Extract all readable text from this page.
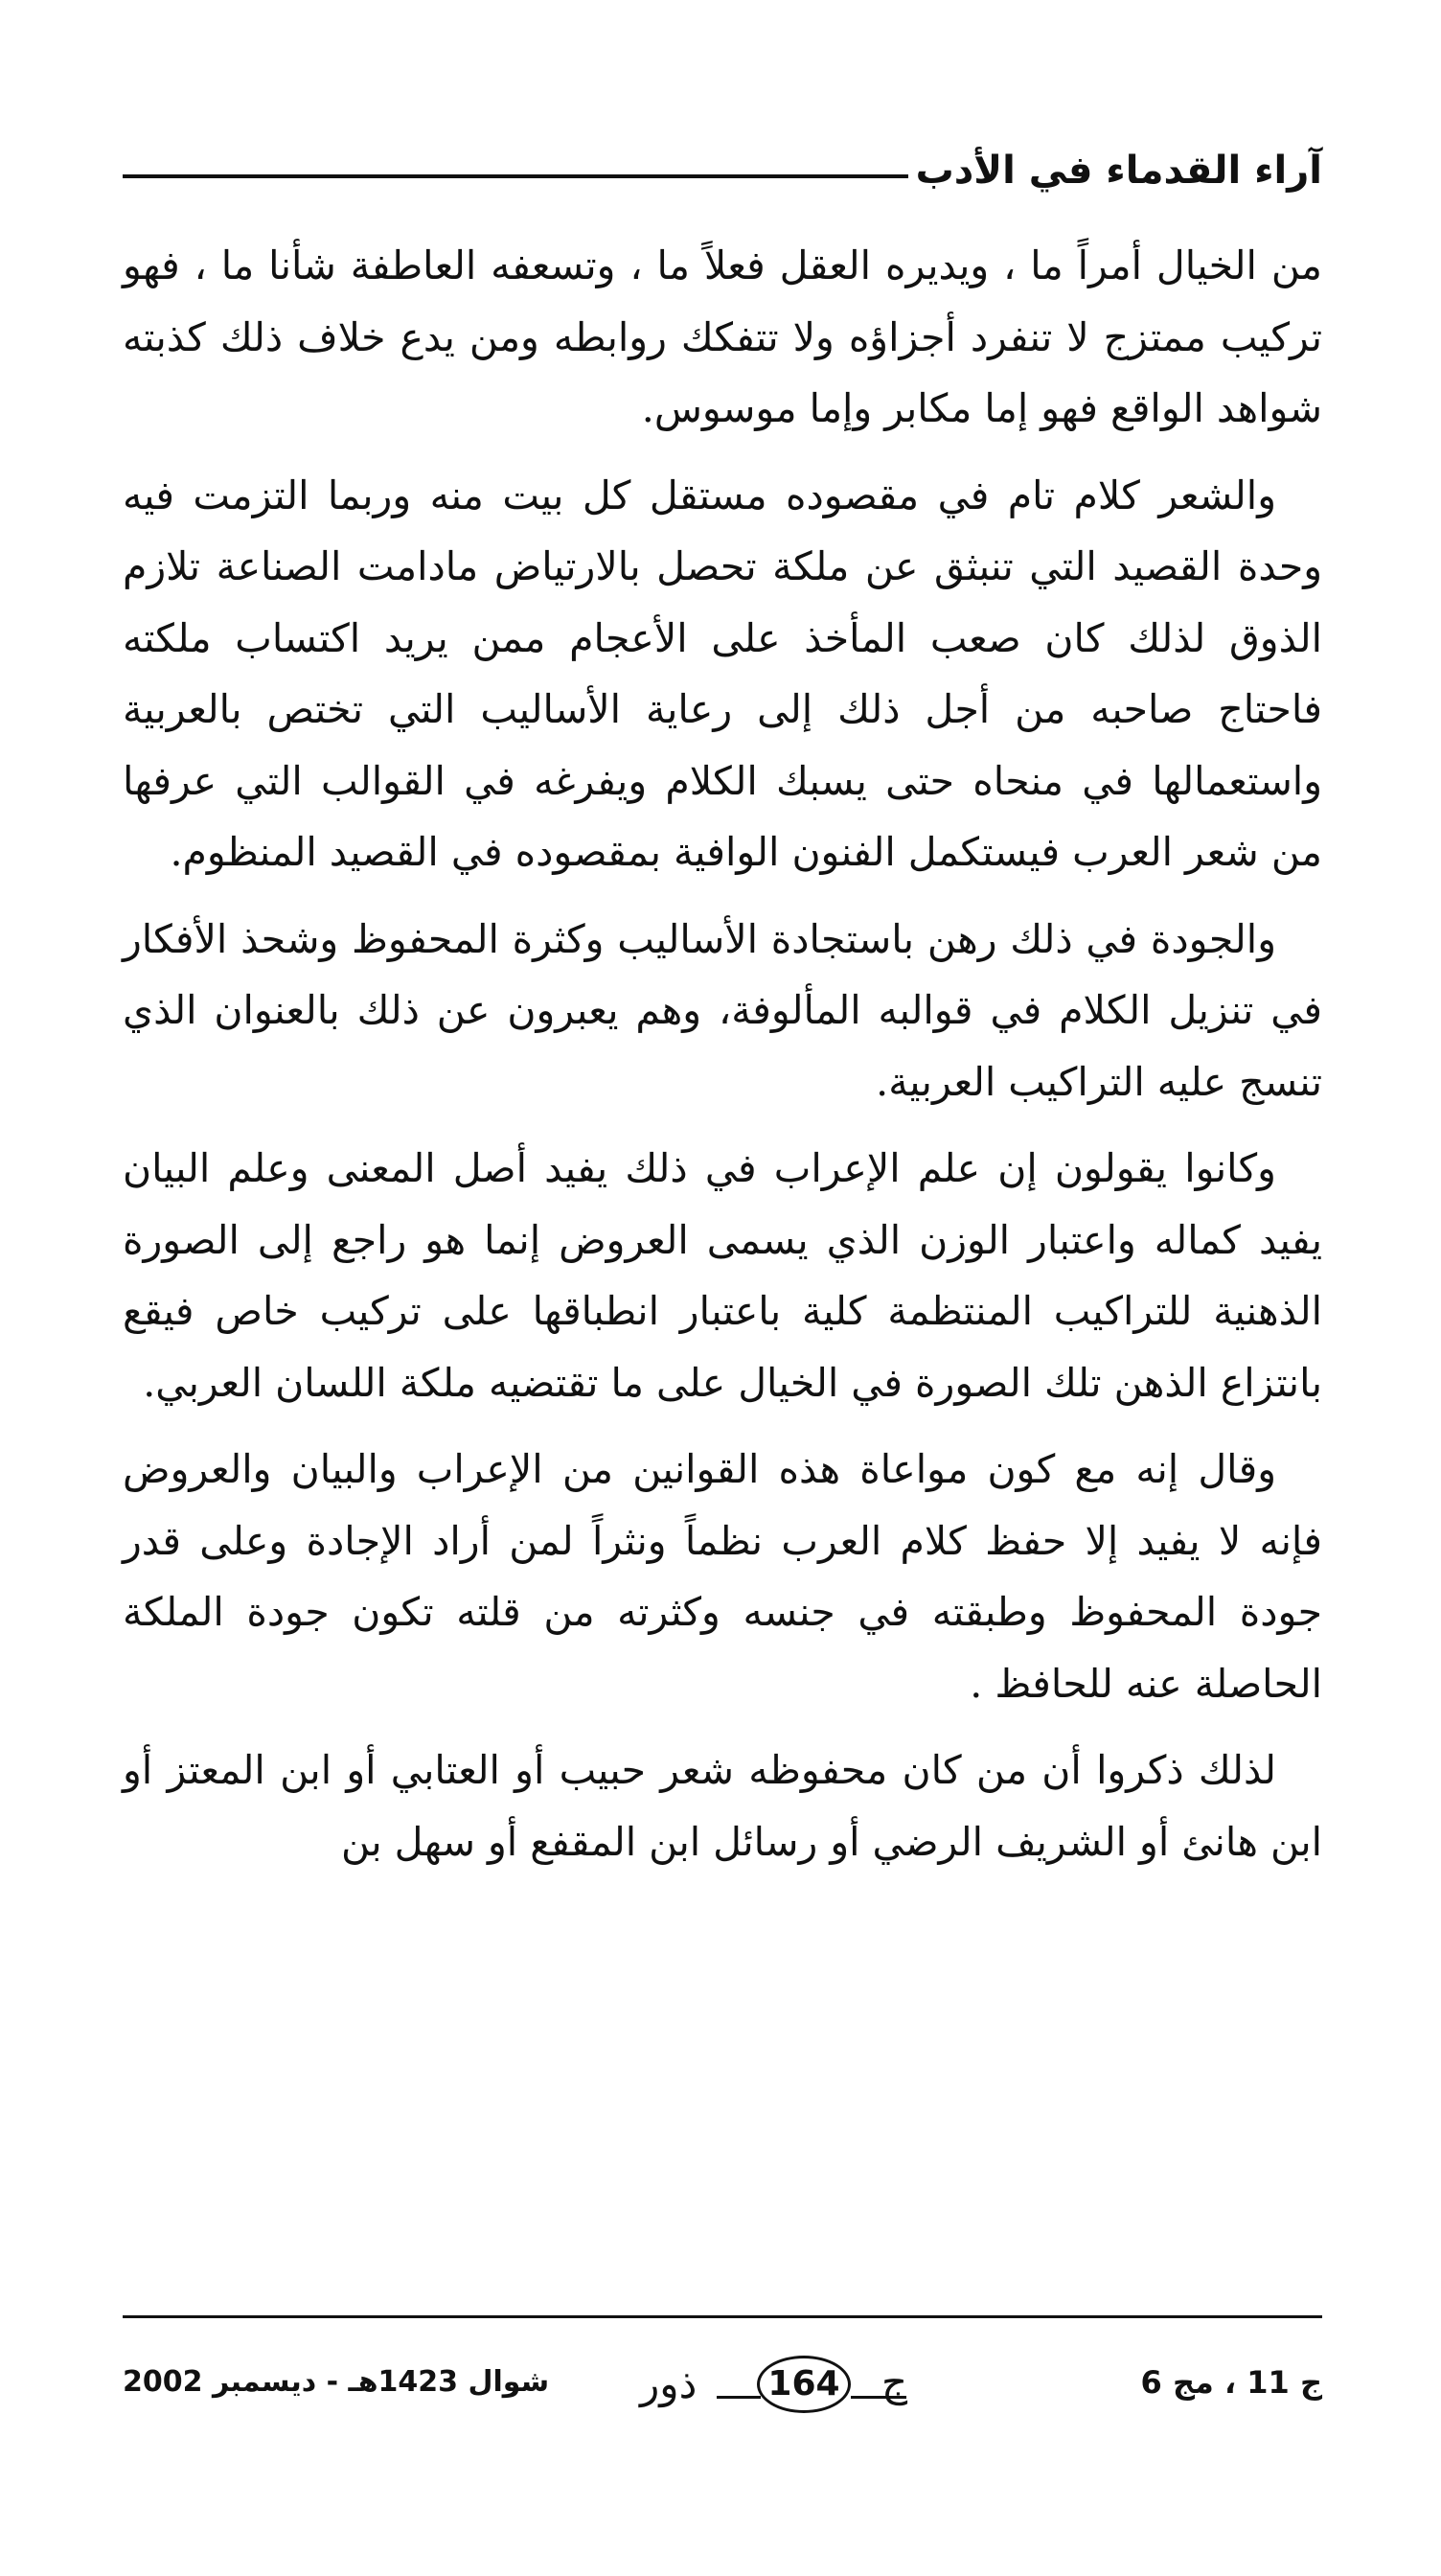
آراء القدماء في الأدب

من الخيال أمراً ما ، ويديره العقل فعلاً ما ، وتسعفه العاطفة شأنا ما ، فهو تركيب ممتزج لا تنفرد أجزاؤه ولا تتفكك روابطه ومن يدع خلاف ذلك كذبته شواهد الواقع فهو إما مكابر وإما موسوس.

والشعر كلام تام في مقصوده مستقل كل بيت منه وربما التزمت فيه وحدة القصيد التي تنبثق عن ملكة تحصل بالارتياض مادامت الصناعة تلازم الذوق لذلك كان صعب المأخذ على الأعجام ممن يريد اكتساب ملكته فاحتاج صاحبه من أجل ذلك إلى رعاية الأساليب التي تختص بالعربية واستعمالها في منحاه حتى يسبك الكلام ويفرغه في القوالب التي عرفها من شعر العرب فيستكمل الفنون الوافية بمقصوده في القصيد المنظوم.

والجودة في ذلك رهن باستجادة الأساليب وكثرة المحفوظ وشحذ الأفكار في تنزيل الكلام في قوالبه المألوفة، وهم يعبرون عن ذلك بالعنوان الذي تنسج عليه التراكيب العربية.

وكانوا يقولون إن علم الإعراب في ذلك يفيد أصل المعنى وعلم البيان يفيد كماله واعتبار الوزن الذي يسمى العروض إنما هو راجع إلى الصورة الذهنية للتراكيب المنتظمة كلية باعتبار انطباقها على تركيب خاص فيقع بانتزاع الذهن تلك الصورة في الخيال على ما تقتضيه ملكة اللسان العربي.

وقال إنه مع كون مواعاة هذه القوانين من الإعراب والبيان والعروض فإنه لا يفيد إلا حفظ كلام العرب نظماً ونثراً لمن أراد الإجادة وعلى قدر جودة المحفوظ وطبقته في جنسه وكثرته من قلته تكون جودة الملكة الحاصلة عنه للحافظ .

لذلك ذكروا أن من كان محفوظه شعر حبيب أو العتابي أو ابن المعتز أو ابن هانئ أو الشريف الرضي أو رسائل ابن المقفع أو سهل بن

شوال 1423هـ - ديسمبر 2002 ذور	164 ج	ج 11 ، مج 6
